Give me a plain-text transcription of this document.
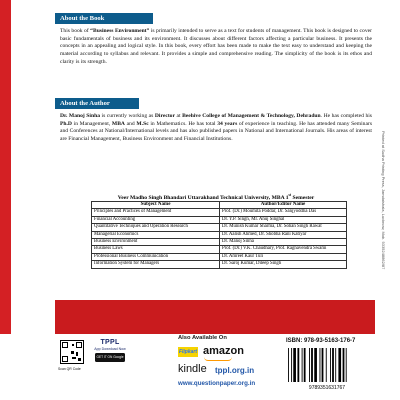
Printed at Sudha Printing Press, Jamdaishala, Lucknow, Mob. 9335248862/87
About the Book

This book of “Business Environment” is primarily intended to serve as a text for students of management. This book is designed to cover basic fundamentals of business and its environment. It discusses about different factors affecting a particular business. It presents the concepts in an appealing and logical style. In this book, every effort has been made to make the text easy to understand and keeping the material according to syllabus and relevant. It provides a simple and comprehensive reading. The simplicity of the book is its ethos and clarity is its strength.

About the Author

Dr. Manoj Sinha is currently working as Director at Beehive College of Management & Technology, Dehradun. He has completed his Ph.D in Management, MBA and M.Sc in Mathematics. He has total 34 years of experience in teaching. He has attended many Seminars and Conferences at National/International levels and has also published papers in National and International Journals. His areas of interest are Financial Management, Business Environment and Financial Institutions.

Veer Madho Singh Bhandari Uttarakhand Technical University, MBA 1st Semester
Subject Name	Author/Editor Name
Principles and Practices of Management	Prof. (Dr.) Moumita Poddar, Dr. Sanjyoddha Das
Financial Accounting	Dr. Y.P. Singh, Mr. Anuj Singhal
Quantitative Techniques and Operation Research	Dr. Munish Kumar Sharma, Dr. Sohan Singh Rawat
Managerial Economics	Dr. Aalish Ahmed, Dr. Shobha Rani Katiyar
Business Environment	Dr. Manoj Sinha
Business Laws	Prof. (Dr.) V.K. Chaudhary, Prof. Raghavendra Swami
Professional Business Communication	Dr. Amreet Kaur Tuli
Information System for Managers	Dr. Saroj Kumar, Dileep Singh
Scan QR Code
TPPL
App Download Now
GET IT ON Google Play
Also Available On
Flipkart amazon
kindle tppl.org.in
www.questionpaper.org.in
ISBN: 978-93-5163-176-7
9789351631767
